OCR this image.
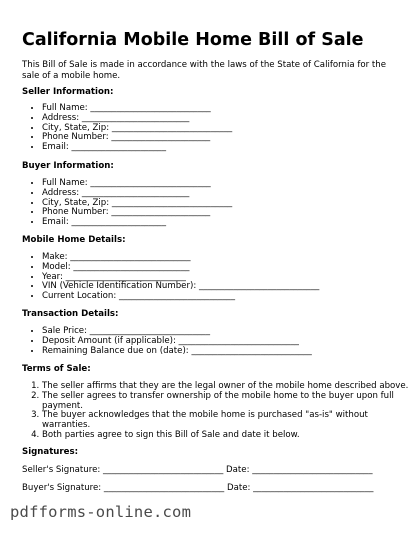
California Mobile Home Bill of Sale
This Bill of Sale is made in accordance with the laws of the State of California for the sale of a mobile home.
Seller Information:
• Full Name: ____________________________
• Address: _________________________
• City, State, Zip: ____________________________
• Phone Number: _______________________
• Email: ______________________
Buyer Information:
• Full Name: ____________________________
• Address: _________________________
• City, State, Zip: ____________________________
• Phone Number: _______________________
• Email: ______________________
Mobile Home Details:
• Make: ____________________________
• Model: ___________________________
• Year: ____________________________
• VIN (Vehicle Identification Number): ____________________________
• Current Location: ___________________________
Transaction Details:
• Sale Price: ____________________________
• Deposit Amount (if applicable): ____________________________
• Remaining Balance due on (date): ____________________________
Terms of Sale:
1. The seller affirms that they are the legal owner of the mobile home described above.
2. The seller agrees to transfer ownership of the mobile home to the buyer upon full payment.
3. The buyer acknowledges that the mobile home is purchased "as-is" without warranties.
4. Both parties agree to sign this Bill of Sale and date it below.
Signatures:
Seller's Signature: ____________________________ Date: ____________________________
Buyer's Signature: ____________________________ Date: ____________________________
pdfforms-online.com
